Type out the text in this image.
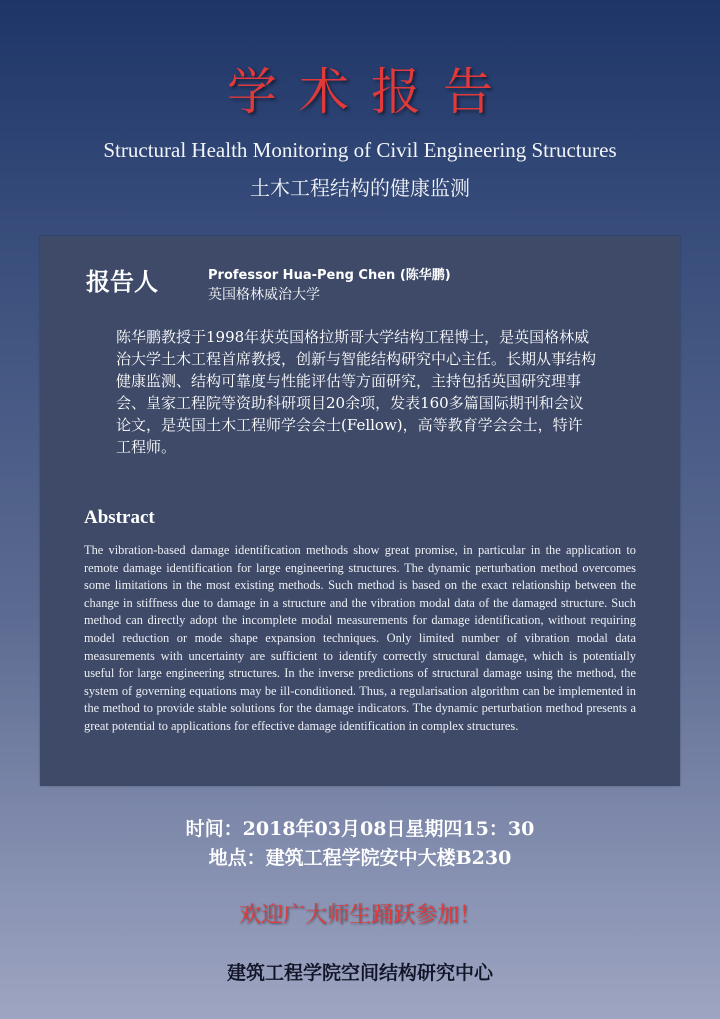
学术报告
Structural Health Monitoring of Civil Engineering Structures
土木工程结构的健康监测
报告人	Professor Hua-Peng Chen (陈华鹏)
英国格林威治大学
陈华鹏教授于1998年获英国格拉斯哥大学结构工程博士，是英国格林威治大学土木工程首席教授，创新与智能结构研究中心主任。长期从事结构健康监测、结构可靠度与性能评估等方面研究，主持包括英国研究理事会、皇家工程院等资助科研项目20余项，发表160多篇国际期刊和会议论文，是英国土木工程师学会会士(Fellow)，高等教育学会会士，特许工程师。
Abstract
The vibration-based damage identification methods show great promise, in particular in the application to remote damage identification for large engineering structures. The dynamic perturbation method overcomes some limitations in the most existing methods. Such method is based on the exact relationship between the change in stiffness due to damage in a structure and the vibration modal data of the damaged structure. Such method can directly adopt the incomplete modal measurements for damage identification, without requiring model reduction or mode shape expansion techniques. Only limited number of vibration modal data measurements with uncertainty are sufficient to identify correctly structural damage, which is potentially useful for large engineering structures. In the inverse predictions of structural damage using the method, the system of governing equations may be ill-conditioned. Thus, a regularisation algorithm can be implemented in the method to provide stable solutions for the damage indicators. The dynamic perturbation method presents a great potential to applications for effective damage identification in complex structures.
时间：2018年03月08日星期四15：30
地点：建筑工程学院安中大楼B230
欢迎广大师生踊跃参加！
建筑工程学院空间结构研究中心
